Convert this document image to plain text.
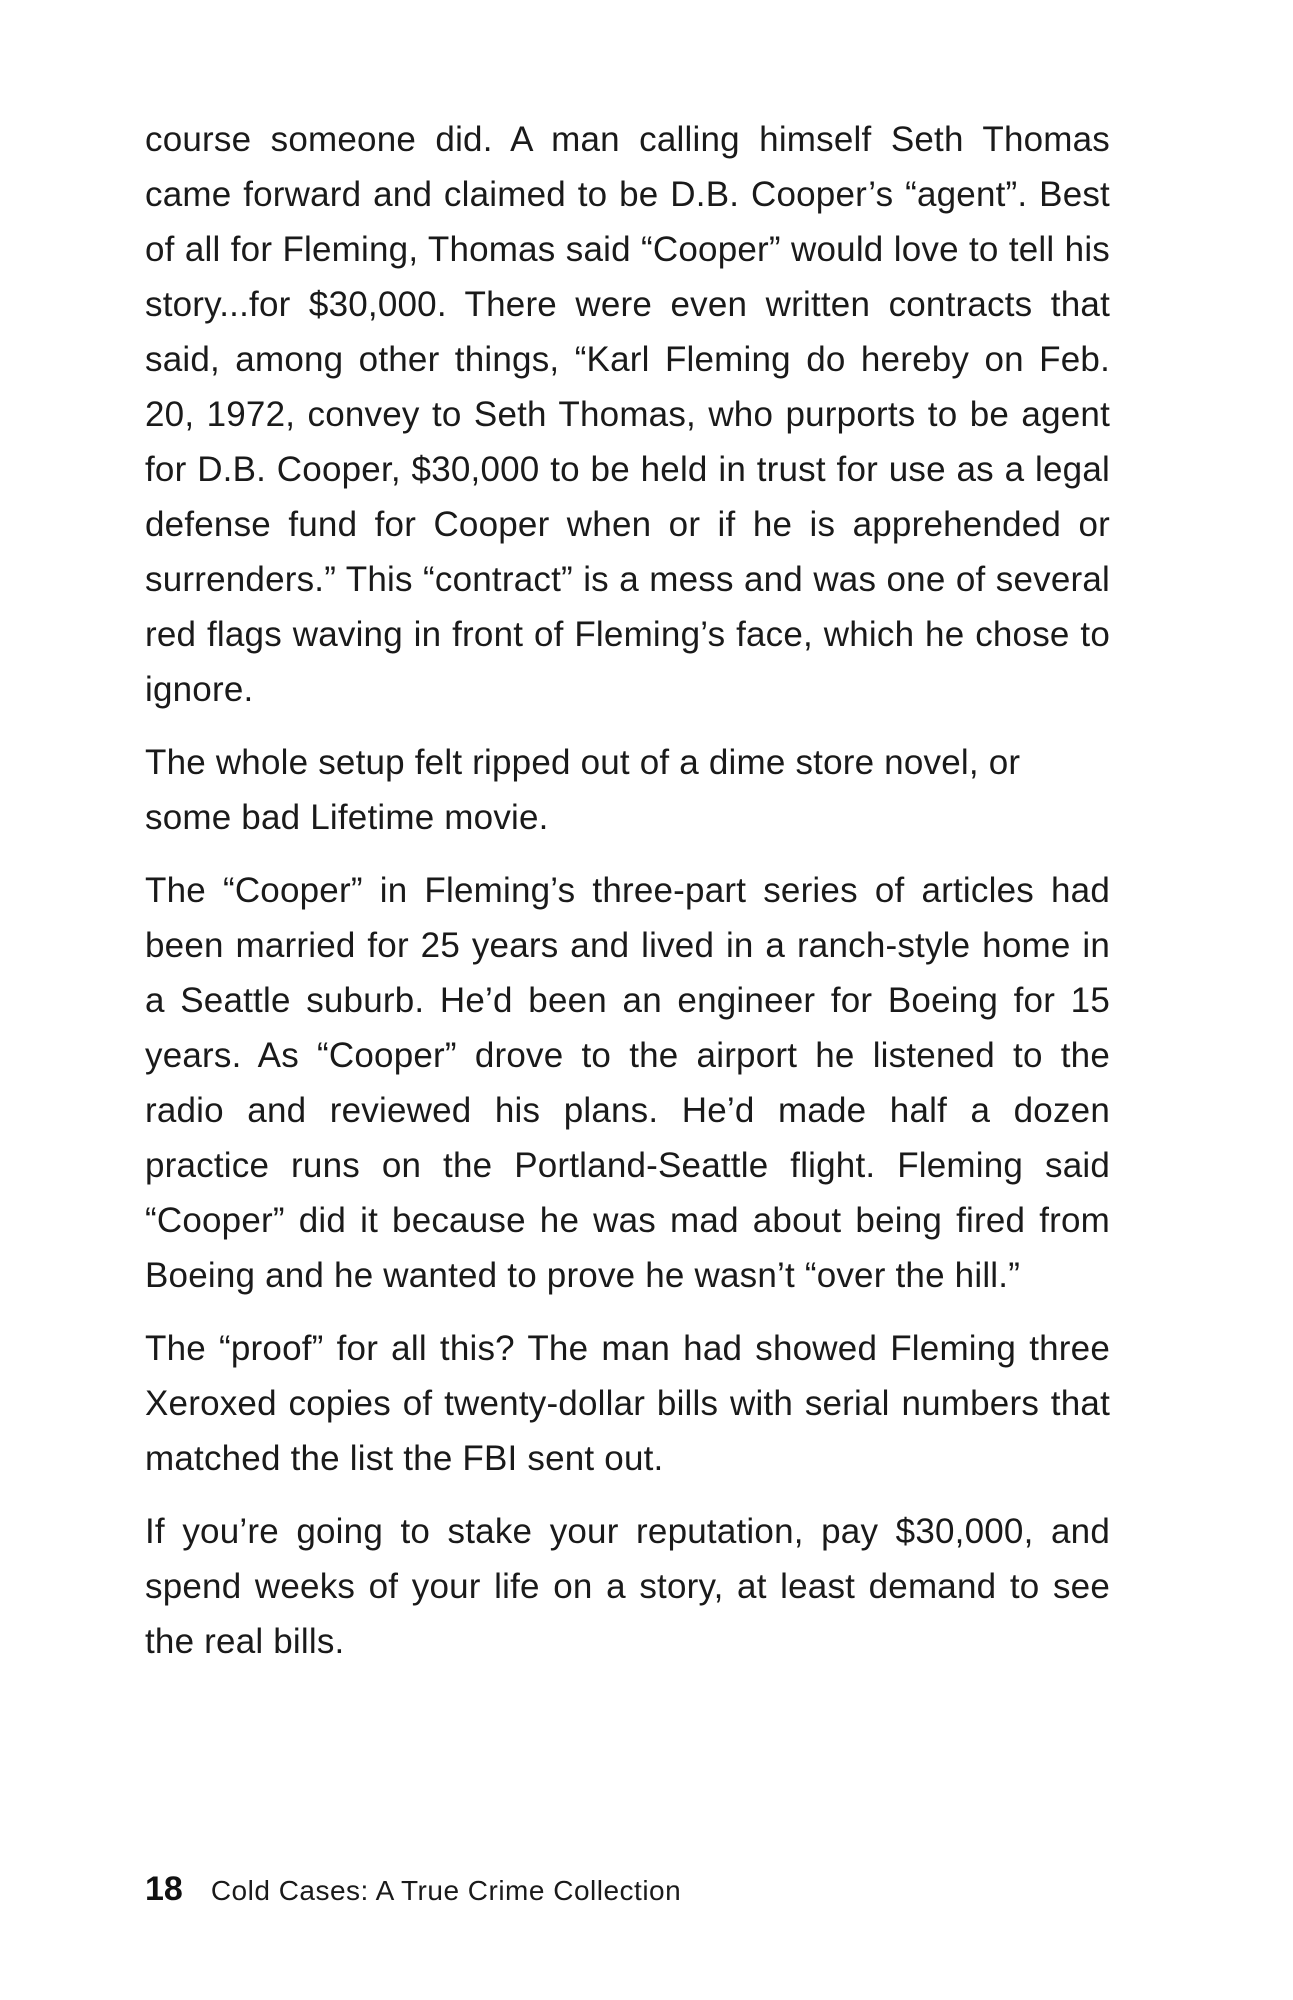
course someone did. A man calling himself Seth Thomas came forward and claimed to be D.B. Cooper’s “agent”. Best of all for Fleming, Thomas said “Cooper” would love to tell his story...for $30,000. There were even written contracts that said, among other things, “Karl Fleming do hereby on Feb. 20, 1972, convey to Seth Thomas, who purports to be agent for D.B. Cooper, $30,000 to be held in trust for use as a legal defense fund for Cooper when or if he is apprehended or surrenders.” This “contract” is a mess and was one of several red flags waving in front of Fleming’s face, which he chose to ignore.

The whole setup felt ripped out of a dime store novel, or some bad Lifetime movie.

The “Cooper” in Fleming’s three-part series of articles had been married for 25 years and lived in a ranch-style home in a Seattle suburb. He’d been an engineer for Boeing for 15 years. As “Cooper” drove to the airport he listened to the radio and reviewed his plans. He’d made half a dozen practice runs on the Portland-Seattle flight. Fleming said “Cooper” did it because he was mad about being fired from Boeing and he wanted to prove he wasn’t “over the hill.”

The “proof” for all this? The man had showed Fleming three Xeroxed copies of twenty-dollar bills with serial numbers that matched the list the FBI sent out.

If you’re going to stake your reputation, pay $30,000, and spend weeks of your life on a story, at least demand to see the real bills.

18 Cold Cases: A True Crime Collection
